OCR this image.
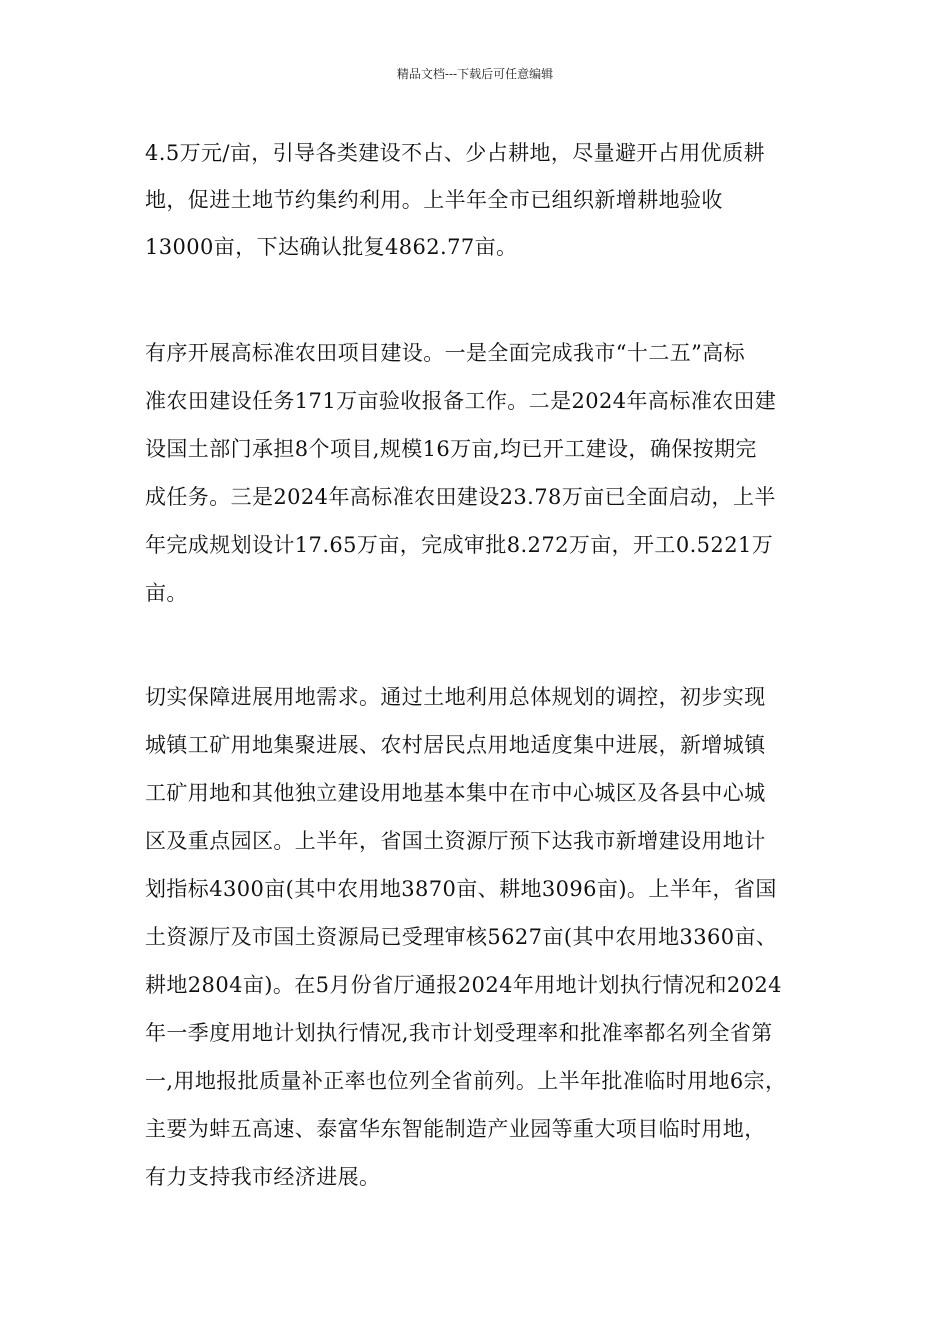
精品文档---下载后可任意编辑
4.5万元/亩，引导各类建设不占、少占耕地，尽量避开占用优质耕
地，促进土地节约集约利用。上半年全市已组织新增耕地验收
13000亩，下达确认批复4862.77亩。
有序开展高标准农田项目建设。一是全面完成我市“十二五”高标
准农田建设任务171万亩验收报备工作。二是2024年高标准农田建
设国土部门承担8个项目,规模16万亩,均已开工建设，确保按期完
成任务。三是2024年高标准农田建设23.78万亩已全面启动，上半
年完成规划设计17.65万亩，完成审批8.272万亩，开工0.5221万
亩。
切实保障进展用地需求。通过土地利用总体规划的调控，初步实现
城镇工矿用地集聚进展、农村居民点用地适度集中进展，新增城镇
工矿用地和其他独立建设用地基本集中在市中心城区及各县中心城
区及重点园区。上半年，省国土资源厅预下达我市新增建设用地计
划指标4300亩(其中农用地3870亩、耕地3096亩)。上半年，省国
土资源厅及市国土资源局已受理审核5627亩(其中农用地3360亩、
耕地2804亩)。在5月份省厅通报2024年用地计划执行情况和2024
年一季度用地计划执行情况,我市计划受理率和批准率都名列全省第
一,用地报批质量补正率也位列全省前列。上半年批准临时用地6宗，
主要为蚌五高速、泰富华东智能制造产业园等重大项目临时用地，
有力支持我市经济进展。
